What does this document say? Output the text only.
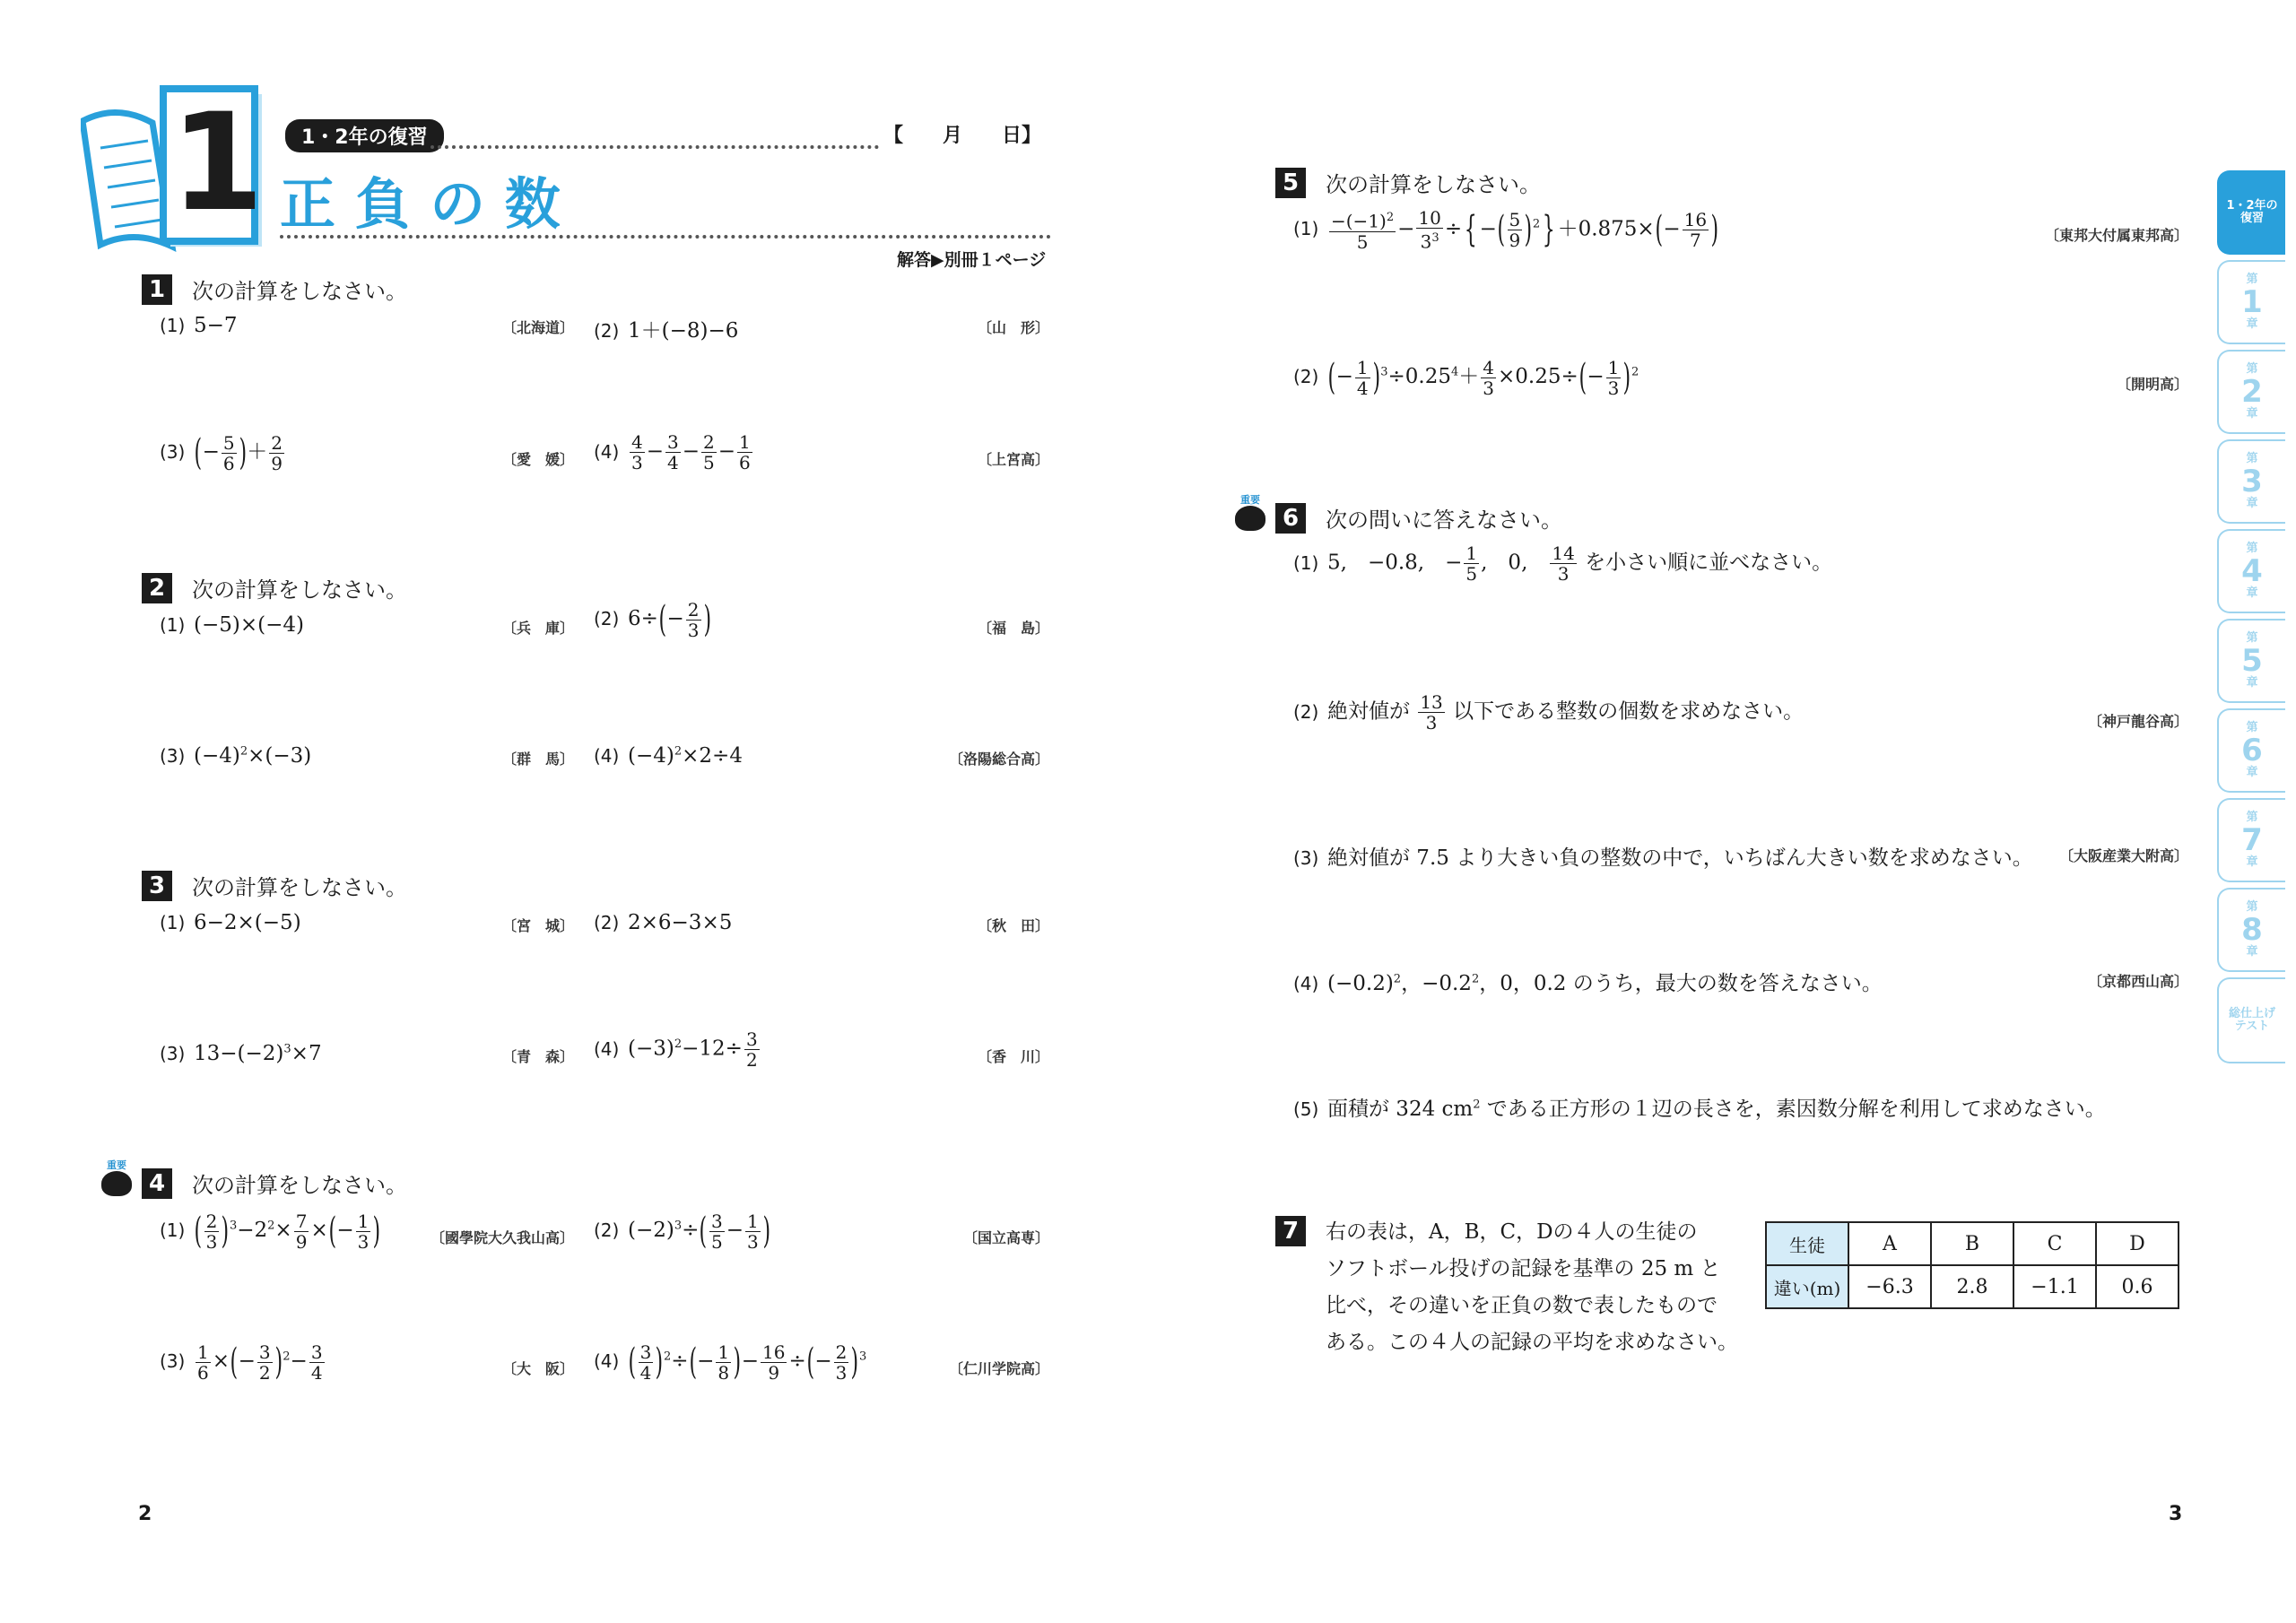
1	1・2年の復習	【　　月　　日】
正 負 の 数
解答▶別冊１ページ
1	次の計算をしなさい。
(1) 5−7	〔北海道〕 (2) 1＋(−8)−6	〔山　形〕
(3) (− $\frac{5}{6}$ )＋ $\frac{2}{9}$	〔愛　媛〕 $(4) \frac{4}{3} - \frac{3}{4} - \frac{2}{5} - \frac{1}{6}$	〔上宮高〕
2	次の計算をしなさい。
(1) (−5)×(−4)	〔兵　庫〕 (2) $6\div(- \frac{2}{3}$ )	〔福　島〕
(3) $(-4)^2\times(-3)$	〔群　馬〕 (4) $(-4)^2\times 2\div 4$	〔洛陽総合高〕
3	次の計算をしなさい。
(1) 6−2×(−5)	〔宮　城〕 (2) 2×6−3×5	〔秋　田〕
(3) $13-(-2)^3\times 7$	〔青　森〕 (4) $(-3)^2-12\div \frac{3}{2}$	〔香　川〕
重要
4	次の計算をしなさい。
(1) ( $\frac{2}{3} )^3-2^2\times \frac{7}{9}$ ×(− $\frac{1}{3}$ )	〔國學院大久我山高〕 (2) $(-2)^3\div( \frac{3}{5} - \frac{1}{3}$ )	〔国立高専〕
$(3) \frac{1}{6}$ ×(− $\frac{3}{2} )^2- \frac{3}{4}$	〔大　阪〕 (4) ( $\frac{3}{4} )^2\div(- \frac{1}{8}$ )− $\frac{16}{9}$ ÷(− $\frac{2}{3} )^3$
〔仁川学院高〕
2
5	次の計算をしなさい。
$(1) \frac{-(-1)^2}{5} - \frac{10}{3^3}$ ÷{ −( $\frac{5}{9} )^2\} +0.875\times(- \frac{16}{7}$ )	〔東邦大付属東邦高〕
(2) (− $\frac{1}{4} )^3\div 0.25^4+ \frac{4}{3} \times 0.25\div(- \frac{1}{3} )^2$
〔開明高〕
重要
6	次の問いに答えなさい。
(1) 5,　−0.8,　− $\frac{1}{5}$ ,　0,　 $\frac{14}{3}$ を小さい順に並べなさい。
(2) 絶対値が $\frac{13}{3}$ 以下である整数の個数を求めなさい。	〔神戸龍谷高〕
(3) 絶対値が 7.5 より大きい負の整数の中で，いちばん大きい数を求めなさい。	〔大阪産業大附高〕
(4) $(-0.2)^2$，$-0.2^2$，0，0.2 のうち，最大の数を答えなさい。	〔京都西山高〕
(5) 面積が 324 $cm^2$ である正方形の１辺の長さを，素因数分解を利用して求めなさい。
7	右の表は，A，B，C，Dの４人の生徒の
ソフトボール投げの記録を基準の 25 m と
比べ，その違いを正負の数で表したもので
ある。この４人の記録の平均を求めなさい。
生徒	A	B	C	D
違い(m)	−6.3	2.8	−1.1	0.6
3
1・2年の
復習
第
1
章
第
2
章
第
3
章
第
4
章
第
5
章
第
6
章
第
7
章
第
8
章
総仕上げ
テスト
